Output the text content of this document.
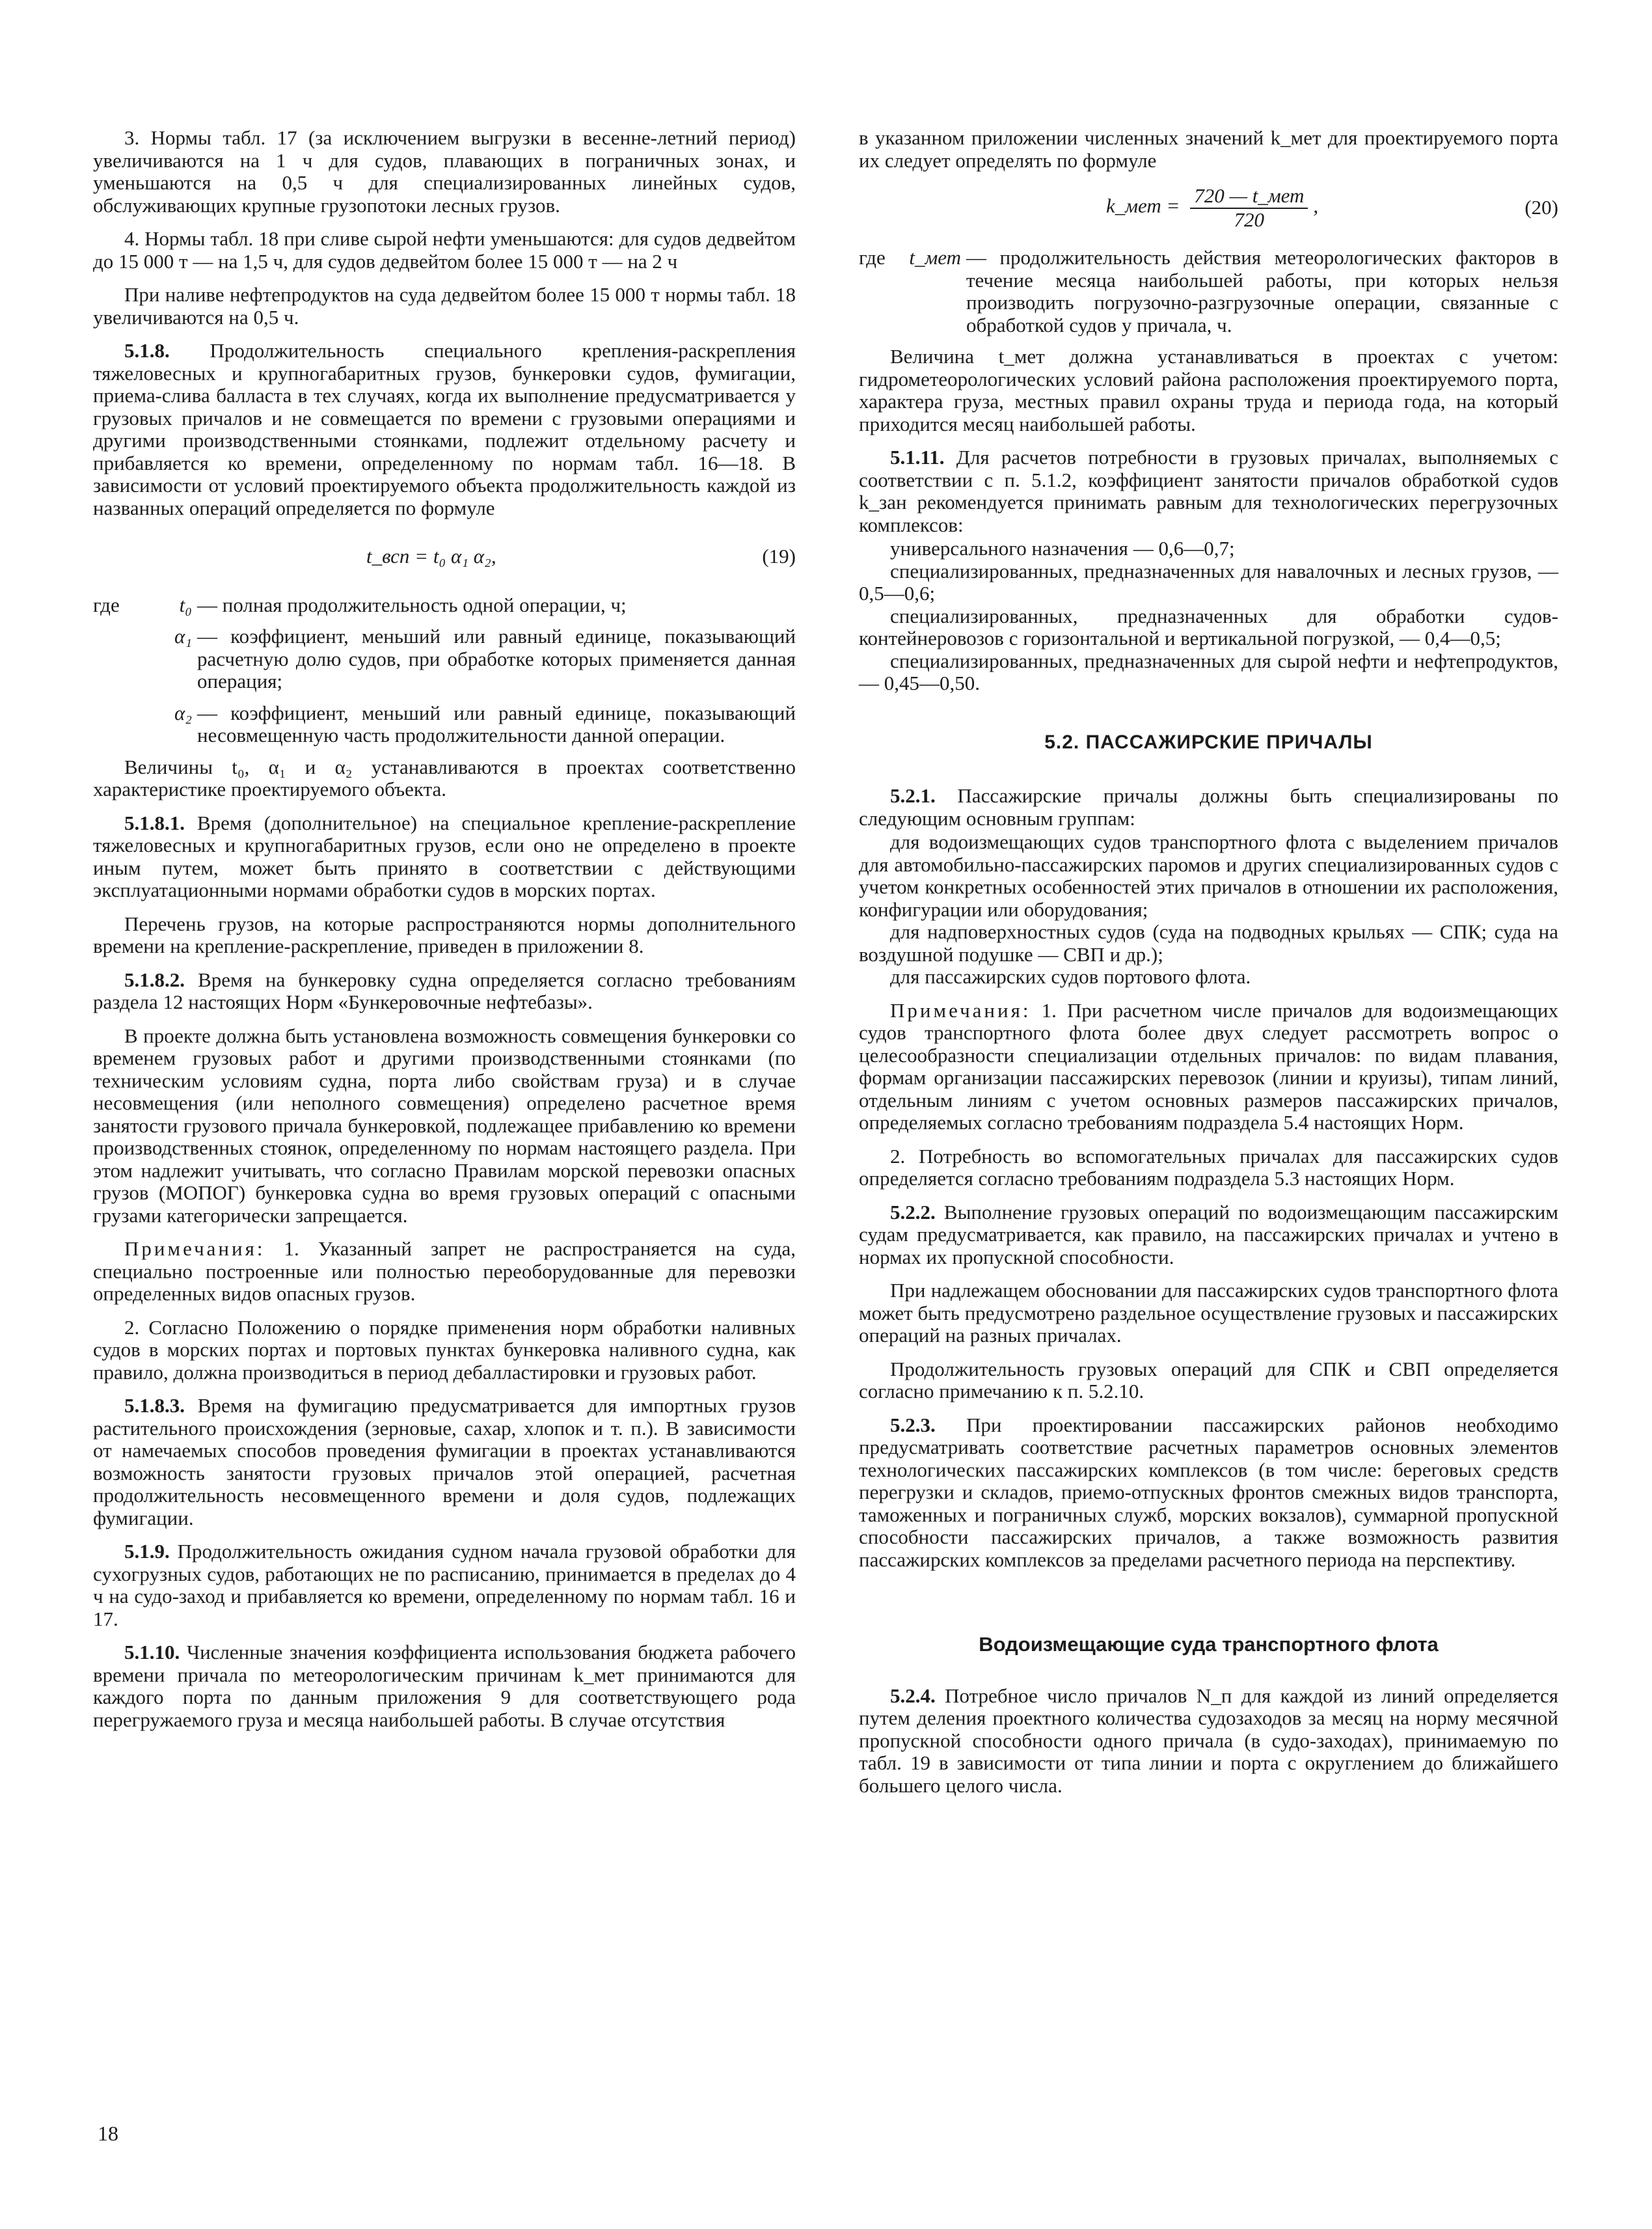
3. Нормы табл. 17 (за исключением выгрузки в весенне-летний период) увеличиваются на 1 ч для судов, плавающих в пограничных зонах, и уменьшаются на 0,5 ч для специализированных линейных судов, обслуживающих крупные грузопотоки лесных грузов.

4. Нормы табл. 18 при сливе сырой нефти уменьшаются: для судов дедвейтом до 15 000 т — на 1,5 ч, для судов дедвейтом более 15 000 т — на 2 ч

При наливе нефтепродуктов на суда дедвейтом более 15 000 т нормы табл. 18 увеличиваются на 0,5 ч.

5.1.8. Продолжительность специального крепления-раскрепления тяжеловесных и крупногабаритных грузов, бункеровки судов, фумигации, приема-слива балласта в тех случаях, когда их выполнение предусматривается у грузовых причалов и не совмещается по времени с грузовыми операциями и другими производственными стоянками, подлежит отдельному расчету и прибавляется ко времени, определенному по нормам табл. 16—18. В зависимости от условий проектируемого объекта продолжительность каждой из названных операций определяется по формуле

t_всп = t₀ α₁ α₂,	(19)
где	t₀ — полная продолжительность одной операции, ч;
α₁ — коэффициент, меньший или равный единице, показывающий расчетную долю судов, при обработке которых применяется данная операция;
α₂ — коэффициент, меньший или равный единице, показывающий несовмещенную часть продолжительности данной операции.

Величины t₀, α₁ и α₂ устанавливаются в проектах соответственно характеристике проектируемого объекта.

5.1.8.1. Время (дополнительное) на специальное крепление-раскрепление тяжеловесных и крупногабаритных грузов, если оно не определено в проекте иным путем, может быть принято в соответствии с действующими эксплуатационными нормами обработки судов в морских портах.

Перечень грузов, на которые распространяются нормы дополнительного времени на крепление-раскрепление, приведен в приложении 8.

5.1.8.2. Время на бункеровку судна определяется согласно требованиям раздела 12 настоящих Норм «Бункеровочные нефтебазы».

В проекте должна быть установлена возможность совмещения бункеровки со временем грузовых работ и другими производственными стоянками (по техническим условиям судна, порта либо свойствам груза) и в случае несовмещения (или неполного совмещения) определено расчетное время занятости грузового причала бункеровкой, подлежащее прибавлению ко времени производственных стоянок, определенному по нормам настоящего раздела. При этом надлежит учитывать, что согласно Правилам морской перевозки опасных грузов (МОПОГ) бункеровка судна во время грузовых операций с опасными грузами категорически запрещается.

Примечания: 1. Указанный запрет не распространяется на суда, специально построенные или полностью переоборудованные для перевозки определенных видов опасных грузов.

2. Согласно Положению о порядке применения норм обработки наливных судов в морских портах и портовых пунктах бункеровка наливного судна, как правило, должна производиться в период дебалластировки и грузовых работ.

5.1.8.3. Время на фумигацию предусматривается для импортных грузов растительного происхождения (зерновые, сахар, хлопок и т. п.). В зависимости от намечаемых способов проведения фумигации в проектах устанавливаются возможность занятости грузовых причалов этой операцией, расчетная продолжительность несовмещенного времени и доля судов, подлежащих фумигации.

5.1.9. Продолжительность ожидания судном начала грузовой обработки для сухогрузных судов, работающих не по расписанию, принимается в пределах до 4 ч на судо-заход и прибавляется ко времени, определенному по нормам табл. 16 и 17.

5.1.10. Численные значения коэффициента использования бюджета рабочего времени причала по метеорологическим причинам k_мет принимаются для каждого порта по данным приложения 9 для соответствующего рода перегружаемого груза и месяца наибольшей работы. В случае отсутствия

в указанном приложении численных значений k_мет для проектируемого порта их следует определять по формуле

k_мет = $\frac{\text{720 — t\_мет}}{720}$ ,	(20)
где	t_мет — продолжительность действия метеорологических факторов в течение месяца наибольшей работы, при которых нельзя производить погрузочно-разгрузочные операции, связанные с обработкой судов у причала, ч.

Величина t_мет должна устанавливаться в проектах с учетом: гидрометеорологических условий района расположения проектируемого порта, характера груза, местных правил охраны труда и периода года, на который приходится месяц наибольшей работы.

5.1.11. Для расчетов потребности в грузовых причалах, выполняемых с соответствии с п. 5.1.2, коэффициент занятости причалов обработкой судов k_зан рекомендуется принимать равным для технологических перегрузочных комплексов:

универсального назначения — 0,6—0,7;

специализированных, предназначенных для навалочных и лесных грузов, — 0,5—0,6;

специализированных, предназначенных для обработки судов-контейнеровозов с горизонтальной и вертикальной погрузкой, — 0,4—0,5;

специализированных, предназначенных для сырой нефти и нефтепродуктов, — 0,45—0,50.

5.2. ПАССАЖИРСКИЕ ПРИЧАЛЫ

5.2.1. Пассажирские причалы должны быть специализированы по следующим основным группам:

для водоизмещающих судов транспортного флота с выделением причалов для автомобильно-пассажирских паромов и других специализированных судов с учетом конкретных особенностей этих причалов в отношении их расположения, конфигурации или оборудования;

для надповерхностных судов (суда на подводных крыльях — СПК; суда на воздушной подушке — СВП и др.);

для пассажирских судов портового флота.

Примечания: 1. При расчетном числе причалов для водоизмещающих судов транспортного флота более двух следует рассмотреть вопрос о целесообразности специализации отдельных причалов: по видам плавания, формам организации пассажирских перевозок (линии и круизы), типам линий, отдельным линиям с учетом основных размеров пассажирских причалов, определяемых согласно требованиям подраздела 5.4 настоящих Норм.

2. Потребность во вспомогательных причалах для пассажирских судов определяется согласно требованиям подраздела 5.3 настоящих Норм.

5.2.2. Выполнение грузовых операций по водоизмещающим пассажирским судам предусматривается, как правило, на пассажирских причалах и учтено в нормах их пропускной способности.

При надлежащем обосновании для пассажирских судов транспортного флота может быть предусмотрено раздельное осуществление грузовых и пассажирских операций на разных причалах.

Продолжительность грузовых операций для СПК и СВП определяется согласно примечанию к п. 5.2.10.

5.2.3. При проектировании пассажирских районов необходимо предусматривать соответствие расчетных параметров основных элементов технологических пассажирских комплексов (в том числе: береговых средств перегрузки и складов, приемо-отпускных фронтов смежных видов транспорта, таможенных и пограничных служб, морских вокзалов), суммарной пропускной способности пассажирских причалов, а также возможность развития пассажирских комплексов за пределами расчетного периода на перспективу.

Водоизмещающие суда транспортного флота

5.2.4. Потребное число причалов N_п для каждой из линий определяется путем деления проектного количества судозаходов за месяц на норму месячной пропускной способности одного причала (в судо-заходах), принимаемую по табл. 19 в зависимости от типа линии и порта с округлением до ближайшего большего целого числа.

18
